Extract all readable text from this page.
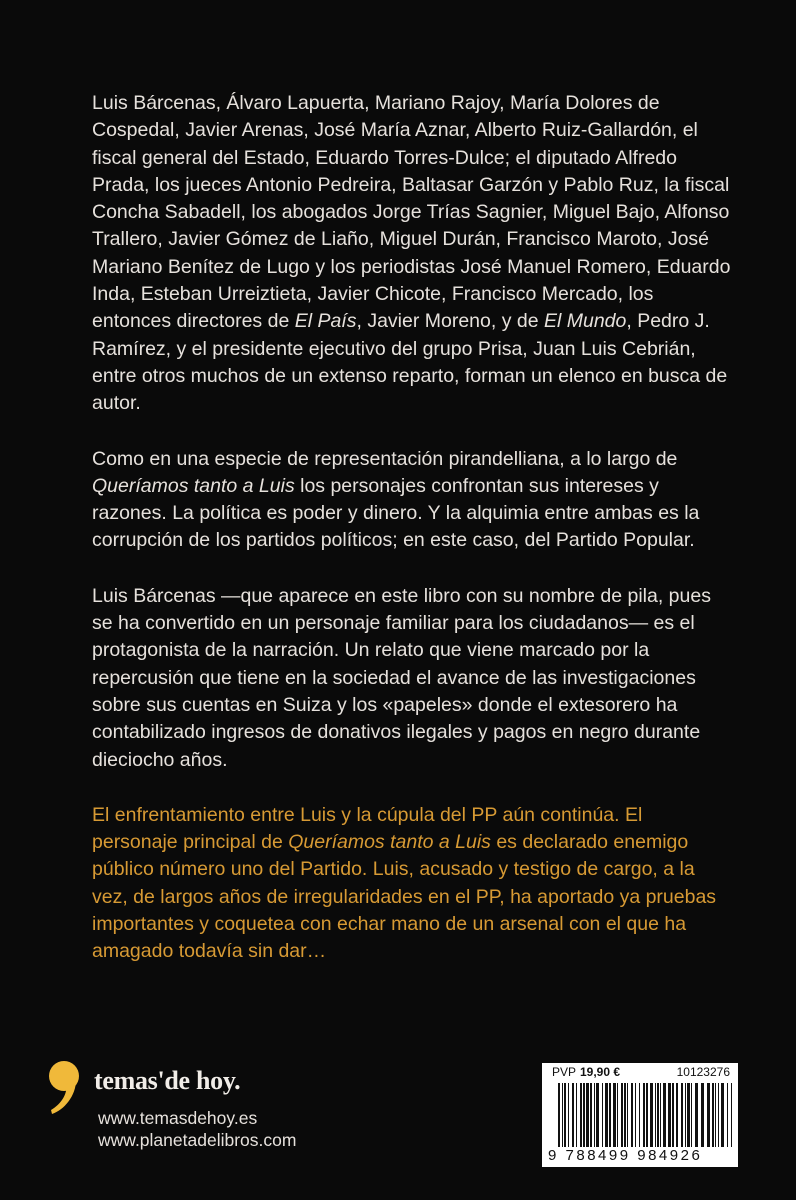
Luis Bárcenas, Álvaro Lapuerta, Mariano Rajoy, María Dolores de Cospedal, Javier Arenas, José María Aznar, Alberto Ruiz-Gallardón, el fiscal general del Estado, Eduardo Torres-Dulce; el diputado Alfredo Prada, los jueces Antonio Pedreira, Baltasar Garzón y Pablo Ruz, la fiscal Concha Sabadell, los abogados Jorge Trías Sagnier, Miguel Bajo, Alfonso Trallero, Javier Gómez de Liaño, Miguel Durán, Francisco Maroto, José Mariano Benítez de Lugo y los periodistas José Manuel Romero, Eduardo Inda, Esteban Urreiztieta, Javier Chicote, Francisco Mercado, los entonces directores de El País, Javier Moreno, y de El Mundo, Pedro J. Ramírez, y el presidente ejecutivo del grupo Prisa, Juan Luis Cebrián, entre otros muchos de un extenso reparto, forman un elenco en busca de autor.

Como en una especie de representación pirandelliana, a lo largo de Queríamos tanto a Luis los personajes confrontan sus intereses y razones. La política es poder y dinero. Y la alquimia entre ambas es la corrupción de los partidos políticos; en este caso, del Partido Popular.

Luis Bárcenas —que aparece en este libro con su nombre de pila, pues se ha convertido en un personaje familiar para los ciudadanos— es el protagonista de la narración. Un relato que viene marcado por la repercusión que tiene en la sociedad el avance de las investigaciones sobre sus cuentas en Suiza y los «papeles» donde el extesorero ha contabilizado ingresos de donativos ilegales y pagos en negro durante dieciocho años.

El enfrentamiento entre Luis y la cúpula del PP aún continúa. El personaje principal de Queríamos tanto a Luis es declarado enemigo público número uno del Partido. Luis, acusado y testigo de cargo, a la vez, de largos años de irregularidades en el PP, ha aportado ya pruebas importantes y coquetea con echar mano de un arsenal con el que ha amagado todavía sin dar…

temas'de hoy.
www.temasdehoy.es
www.planetadelibros.com
PVP 19,90 €	10123276
9 788499 984926
